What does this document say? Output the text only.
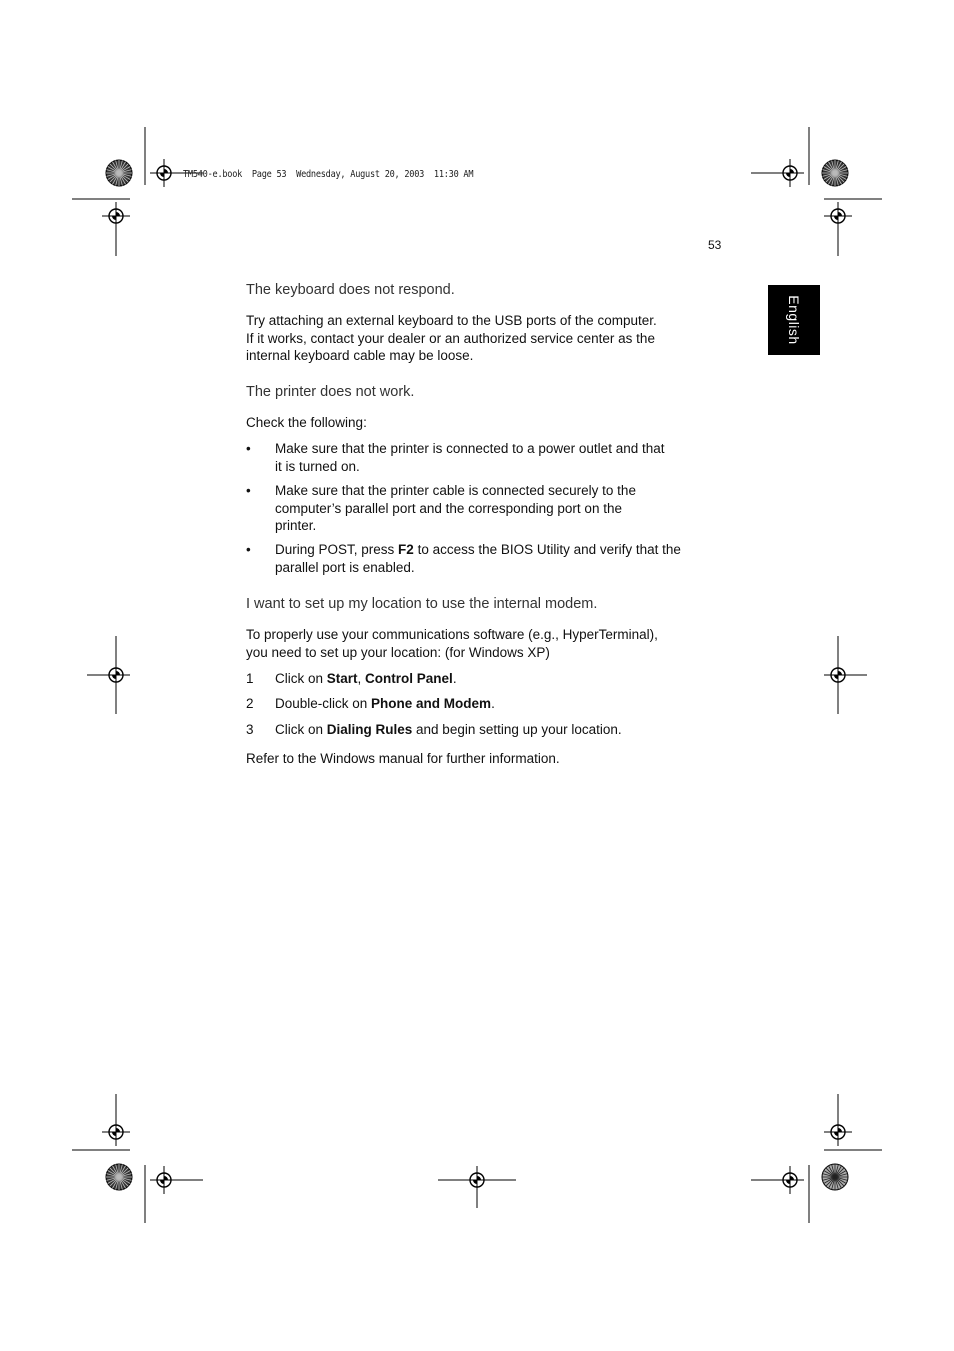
TM540-e.book  Page 53  Wednesday, August 20, 2003  11:30 AM
53
English
The keyboard does not respond.

Try attaching an external keyboard to the USB ports of the computer.
If it works, contact your dealer or an authorized service center as the
internal keyboard cable may be loose.

The printer does not work.

Check the following:

• Make sure that the printer is connected to a power outlet and that
it is turned on.

• Make sure that the printer cable is connected securely to the
computer’s parallel port and the corresponding port on the
printer.

• During POST, press F2 to access the BIOS Utility and verify that the
parallel port is enabled.

I want to set up my location to use the internal modem.

To properly use your communications software (e.g., HyperTerminal),
you need to set up your location: (for Windows XP)

1 Click on Start, Control Panel.

2 Double-click on Phone and Modem.

3 Click on Dialing Rules and begin setting up your location.

Refer to the Windows manual for further information.
